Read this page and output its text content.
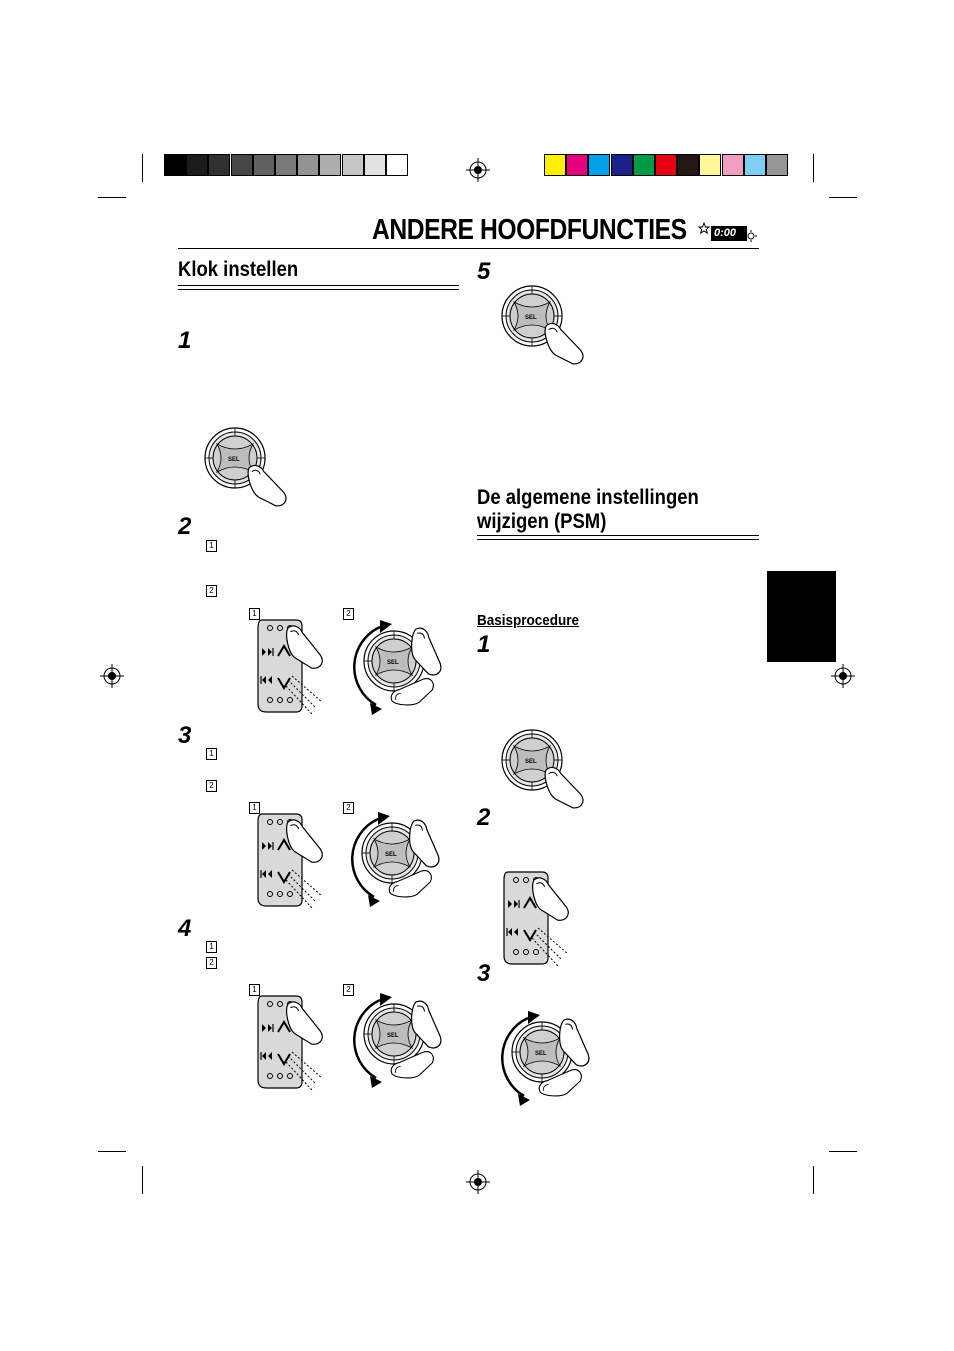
ANDERE HOOFDFUNCTIES 0:00
Klok instellen
1
2
1
2
1	2
3
1
2
1	2
4
1
2
1	2
5
De algemene instellingen
wijzigen (PSM)
Basisprocedure
1
2
3
SEL
